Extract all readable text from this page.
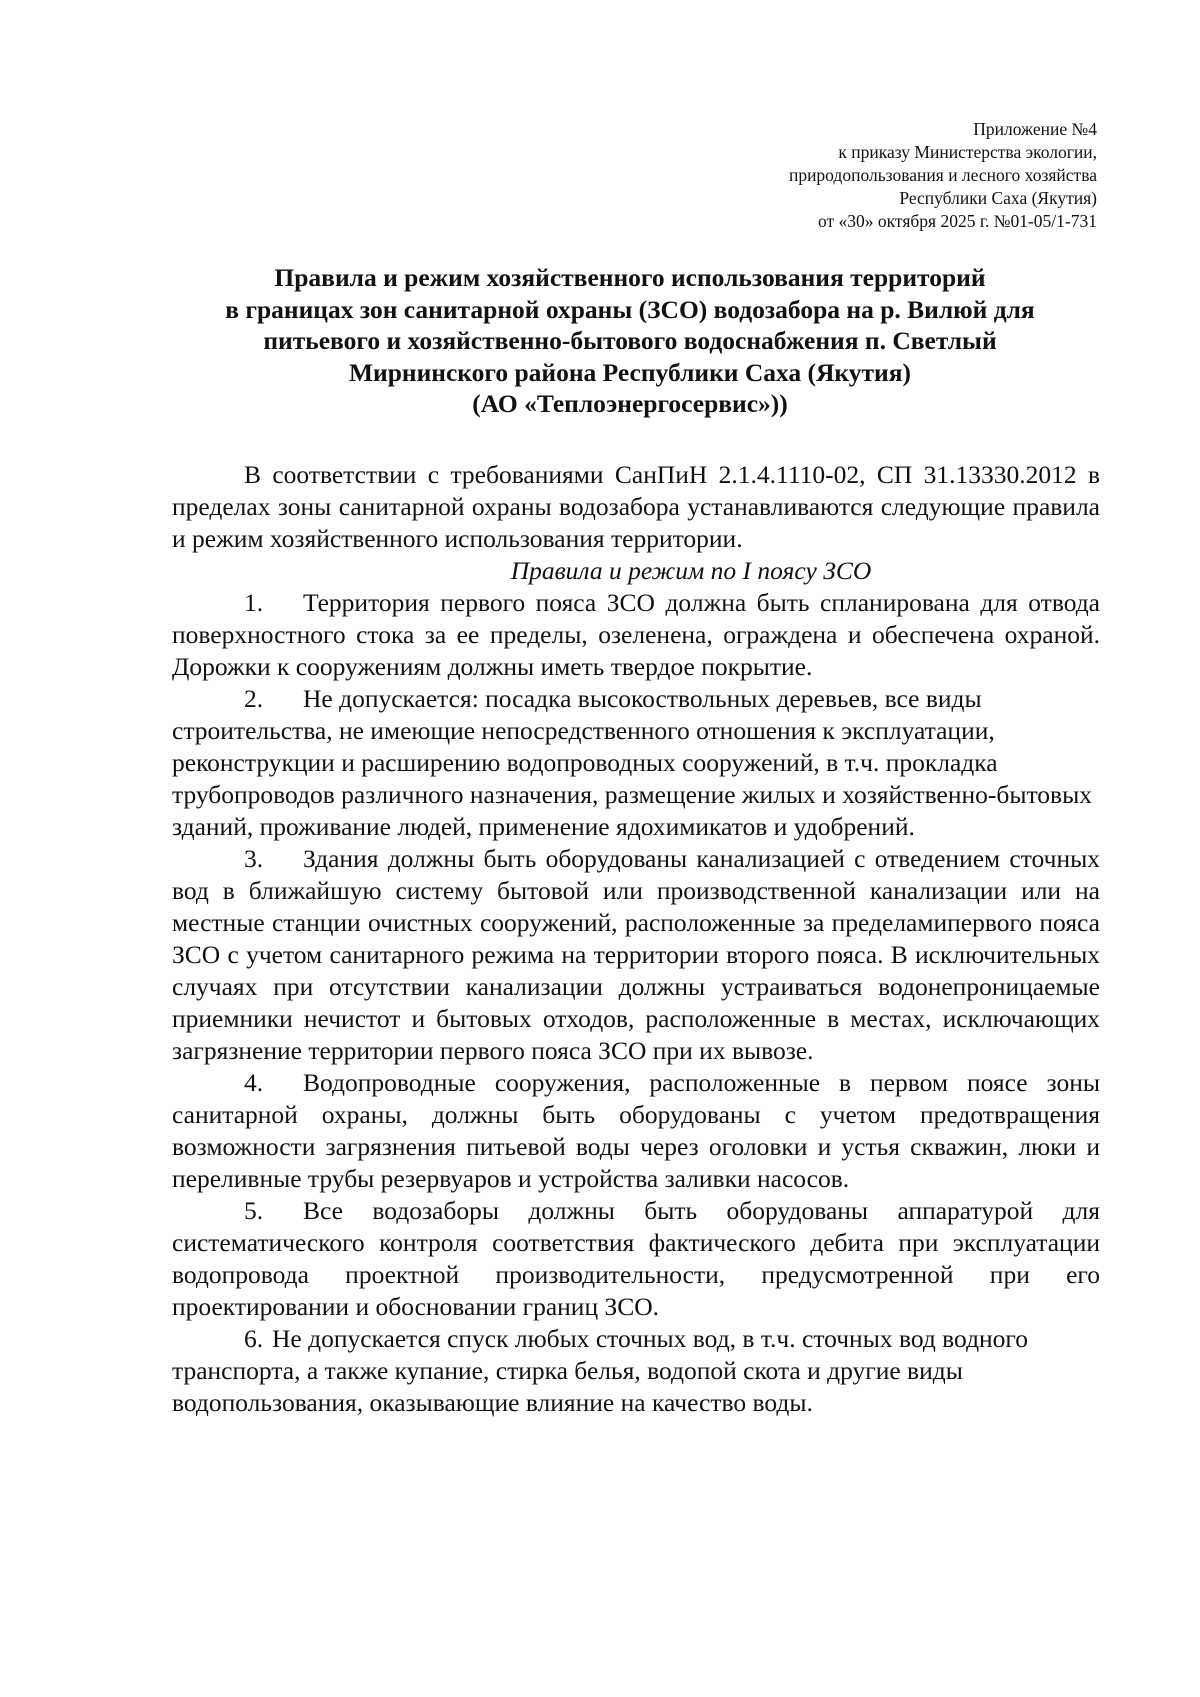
Приложение №4
к приказу Министерства экологии,
природопользования и лесного хозяйства
Республики Саха (Якутия)
от «30» октября 2025 г. №01-05/1-731
Правила и режим хозяйственного использования территорий
в границах зон санитарной охраны (ЗСО) водозабора на р. Вилюй для
питьевого и хозяйственно-бытового водоснабжения п. Светлый
Мирнинского района Республики Саха (Якутия)
(АО «Теплоэнергосервис»))

В соответствии с требованиями СанПиН 2.1.4.1110-02, СП 31.13330.2012 в пределах зоны санитарной охраны водозабора устанавливаются следующие правила и режим хозяйственного использования территории.

Правила и режим по I поясу ЗСО

1. Территория первого пояса ЗСО должна быть спланирована для отвода поверхностного стока за ее пределы, озеленена, ограждена и обеспечена охраной. Дорожки к сооружениям должны иметь твердое покрытие.

2. Не допускается: посадка высокоствольных деревьев, все виды строительства, не имеющие непосредственного отношения к эксплуатации, реконструкции и расширению водопроводных сооружений, в т.ч. прокладка трубопроводов различного назначения, размещение жилых и хозяйственно-бытовых зданий, проживание людей, применение ядохимикатов и удобрений.

3. Здания должны быть оборудованы канализацией с отведением сточных вод в ближайшую систему бытовой или производственной канализации или на местные станции очистных сооружений, расположенные за пределамипервого пояса ЗСО с учетом санитарного режима на территории второго пояса. В исключительных случаях при отсутствии канализации должны устраиваться водонепроницаемые приемники нечистот и бытовых отходов, расположенные в местах, исключающих загрязнение территории первого пояса ЗСО при их вывозе.

4. Водопроводные сооружения, расположенные в первом поясе зоны санитарной охраны, должны быть оборудованы с учетом предотвращения возможности загрязнения питьевой воды через оголовки и устья скважин, люки и переливные трубы резервуаров и устройства заливки насосов.

5. Все водозаборы должны быть оборудованы аппаратурой для систематического контроля соответствия фактического дебита при эксплуатации водопровода проектной производительности, предусмотренной при его проектировании и обосновании границ ЗСО.

6. Не допускается спуск любых сточных вод, в т.ч. сточных вод водного транспорта, а также купание, стирка белья, водопой скота и другие виды водопользования, оказывающие влияние на качество воды.
